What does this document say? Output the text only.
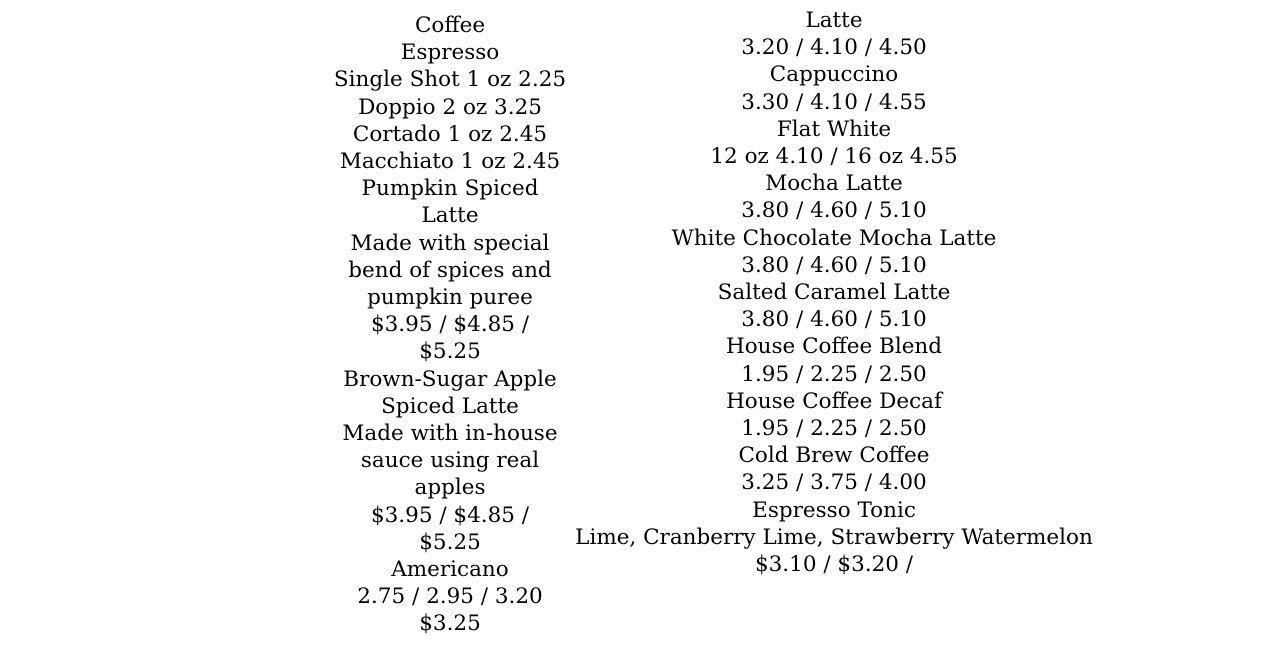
Coffee
Espresso
Single Shot 1 oz 2.25
Doppio 2 oz 3.25
Cortado 1 oz 2.45
Macchiato 1 oz 2.45
Pumpkin Spiced
Latte
Made with special
bend of spices and
pumpkin puree
$3.95 / $4.85 /
$5.25
Brown-Sugar Apple
Spiced Latte
Made with in-house
sauce using real
apples
$3.95 / $4.85 /
$5.25
Americano
2.75 / 2.95 / 3.20
$3.25
Latte
3.20 / 4.10 / 4.50
Cappuccino
3.30 / 4.10 / 4.55
Flat White
12 oz 4.10 / 16 oz 4.55
Mocha Latte
3.80 / 4.60 / 5.10
White Chocolate Mocha Latte
3.80 / 4.60 / 5.10
Salted Caramel Latte
3.80 / 4.60 / 5.10
House Coffee Blend
1.95 / 2.25 / 2.50
House Coffee Decaf
1.95 / 2.25 / 2.50
Cold Brew Coffee
3.25 / 3.75 / 4.00
Espresso Tonic
Lime, Cranberry Lime, Strawberry Watermelon
$3.10 / $3.20 /
